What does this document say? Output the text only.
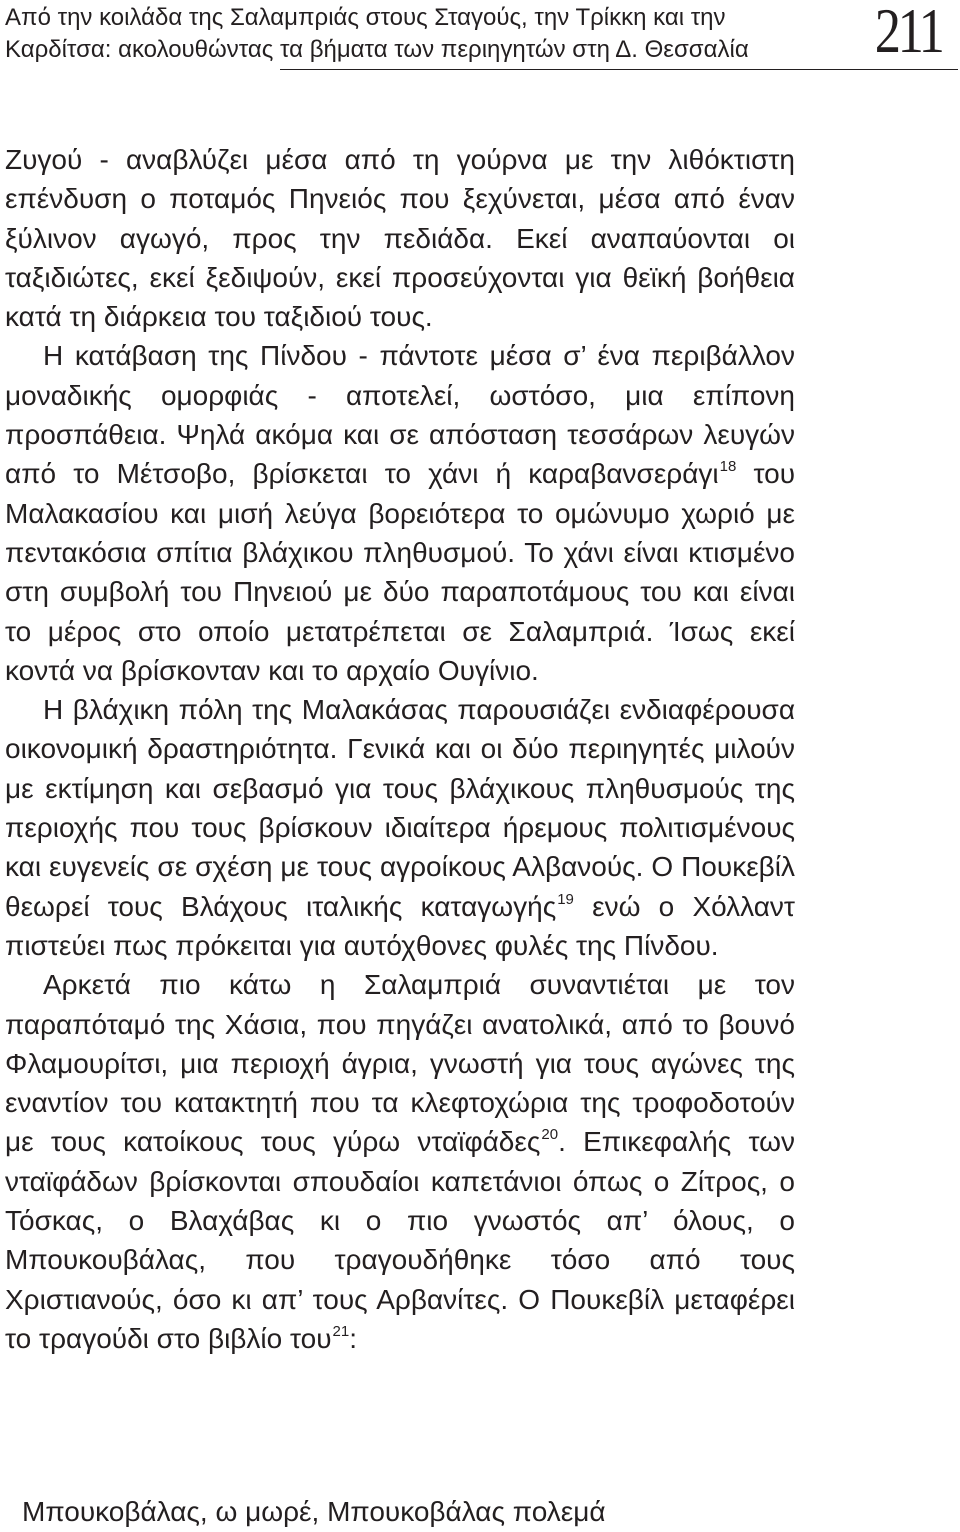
Από την κοιλάδα της Σαλαμπριάς στους Σταγούς, την Τρίκκη και την Καρδίτσα: ακολουθώντας τα βήματα των περιηγητών στη Δ. Θεσσαλία 211

Ζυγού - αναβλύζει μέσα από τη γούρνα με την λιθόκτιστη επένδυση ο ποταμός Πηνειός που ξεχύνεται, μέσα από έναν ξύλινον αγωγό, προς την πεδιάδα. Εκεί αναπαύονται οι ταξιδιώτες, εκεί ξεδιψούν, εκεί προσεύχονται για θεϊκή βοήθεια κατά τη διάρκεια του ταξιδιού τους.

Η κατάβαση της Πίνδου - πάντοτε μέσα σ’ ένα περιβάλλον μοναδικής ομορφιάς - αποτελεί, ωστόσο, μια επίπονη προσπάθεια. Ψηλά ακόμα και σε απόσταση τεσσάρων λευγών από το Μέτσοβο, βρίσκεται το χάνι ή καραβανσεράγι$^{18}$ του Μαλακασίου και μισή λεύγα βορειότερα το ομώνυμο χωριό με πεντακόσια σπίτια βλάχικου πληθυσμού. Το χάνι είναι κτισμένο στη συμβολή του Πηνειού με δύο παραποτάμους του και είναι το μέρος στο οποίο μετατρέπεται σε Σαλαμπριά. Ίσως εκεί κοντά να βρίσκονταν και το αρχαίο Ουγίνιο.

Η βλάχικη πόλη της Μαλακάσας παρουσιάζει ενδιαφέρουσα οικονομική δραστηριότητα. Γενικά και οι δύο περιηγητές μιλούν με εκτίμηση και σεβασμό για τους βλάχικους πληθυσμούς της περιοχής που τους βρίσκουν ιδιαίτερα ήρεμους πολιτισμένους και ευγενείς σε σχέση με τους αγροίκους Αλβανούς. Ο Πουκεβίλ θεωρεί τους Βλάχους ιταλικής καταγωγής$^{19}$ ενώ ο Χόλλαντ πιστεύει πως πρόκειται για αυτόχθονες φυλές της Πίνδου.

Αρκετά πιο κάτω η Σαλαμπριά συναντιέται με τον παραπόταμό της Χάσια, που πηγάζει ανατολικά, από το βουνό Φλαμουρίτσι, μια περιοχή άγρια, γνωστή για τους αγώνες της εναντίον του κατακτητή που τα κλεφτοχώρια της τροφοδοτούν με τους κατοίκους τους γύρω νταϊφάδες$^{20}$. Επικεφαλής των νταϊφάδων βρίσκονται σπουδαίοι καπετάνιοι όπως ο Ζίτρος, ο Τόσκας, ο Βλαχάβας κι ο πιο γνωστός απ’ όλους, ο Μπουκουβάλας, που τραγουδήθηκε τόσο από τους Χριστιανούς, όσο κι απ’ τους Αρβανίτες. Ο Πουκεβίλ μεταφέρει το τραγούδι στο βιβλίο του$^{21}$:

Μπουκοβάλας, ω μωρέ, Μπουκοβάλας πολεμά
